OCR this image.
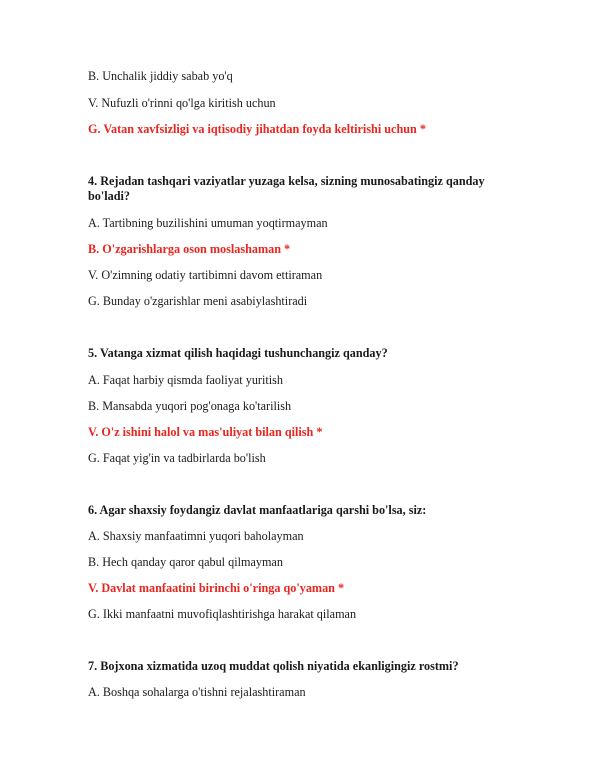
B. Unchalik jiddiy sabab yo'q
V. Nufuzli o'rinni qo'lga kiritish uchun
G. Vatan xavfsizligi va iqtisodiy jihatdan foyda keltirishi uchun *
4. Rejadan tashqari vaziyatlar yuzaga kelsa, sizning munosabatingiz qanday bo'ladi?
A. Tartibning buzilishini umuman yoqtirmayman
B. O'zgarishlarga oson moslashaman *
V. O'zimning odatiy tartibimni davom ettiraman
G. Bunday o'zgarishlar meni asabiylashtiradi
5. Vatanga xizmat qilish haqidagi tushunchangiz qanday?
A. Faqat harbiy qismda faoliyat yuritish
B. Mansabda yuqori pog'onaga ko'tarilish
V. O'z ishini halol va mas'uliyat bilan qilish *
G. Faqat yig'in va tadbirlarda bo'lish
6. Agar shaxsiy foydangiz davlat manfaatlariga qarshi bo'lsa, siz:
A. Shaxsiy manfaatimni yuqori baholayman
B. Hech qanday qaror qabul qilmayman
V. Davlat manfaatini birinchi o'ringa qo'yaman *
G. Ikki manfaatni muvofiqlashtirishga harakat qilaman
7. Bojxona xizmatida uzoq muddat qolish niyatida ekanligingiz rostmi?
A. Boshqa sohalarga o'tishni rejalashtiraman
